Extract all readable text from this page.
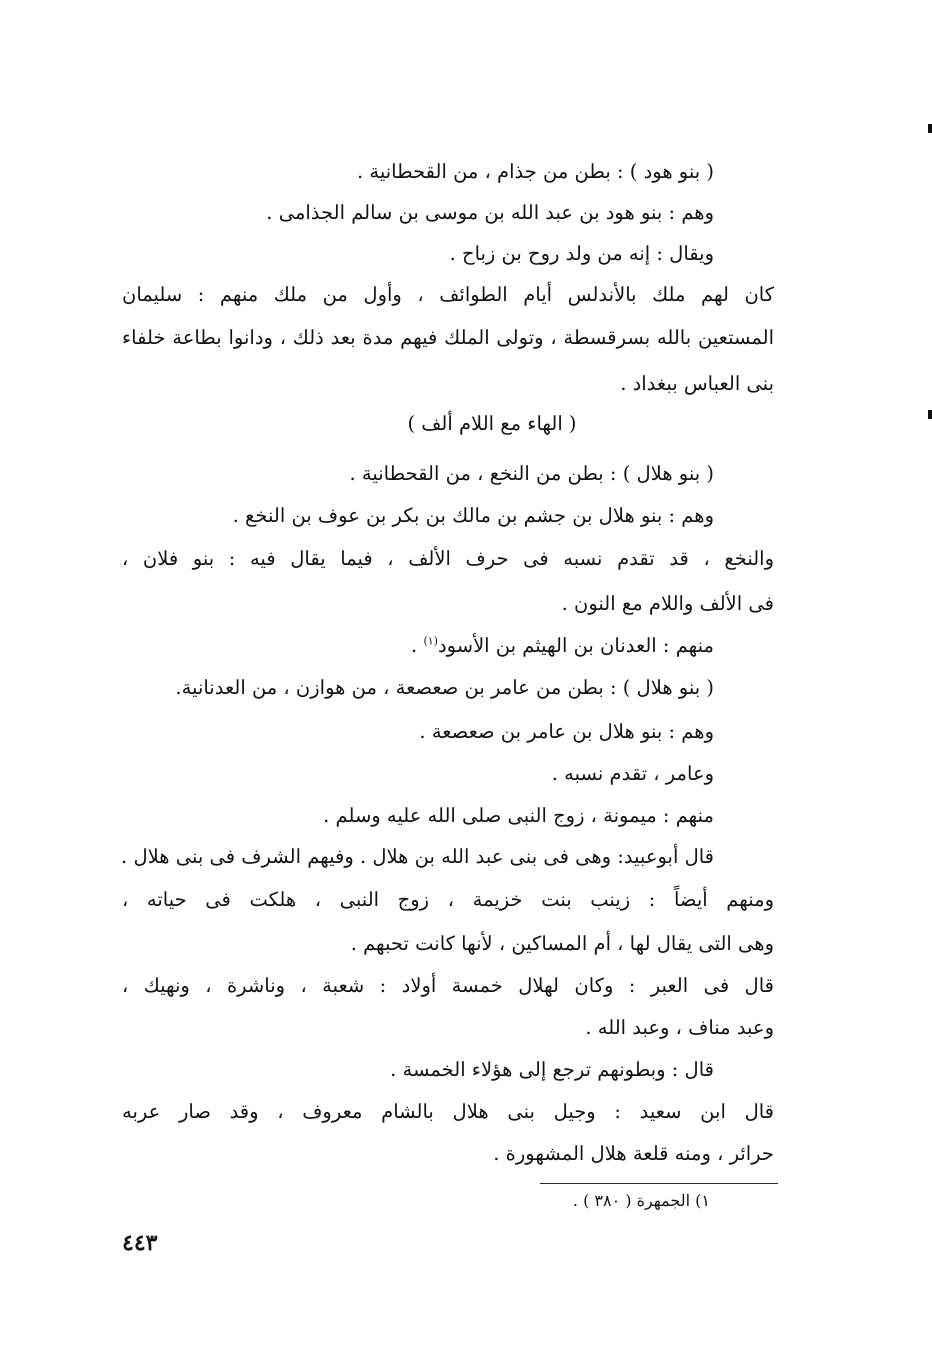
( بنو هود ) : بطن من جذام ، من القحطانية .
وهم : بنو هود بن عبد الله بن موسى بن سالم الجذامى .
ويقال : إنه من ولد روح بن زباح .
كان لهم ملك بالأندلس أيام الطوائف ، وأول من ملك منهم : سليمان
المستعين بالله بسرقسطة ، وتولى الملك فيهم مدة بعد ذلك ، ودانوا بطاعة خلفاء
بنى العباس ببغداد .
( الهاء مع اللام ألف )
( بنو هلال ) : بطن من النخع ، من القحطانية .
وهم : بنو هلال بن جشم بن مالك بن بكر بن عوف بن النخع .
والنخع ، قد تقدم نسبه فى حرف الألف ، فيما يقال فيه : بنو فلان ،
فى الألف واللام مع النون .
منهم : العدنان بن الهيثم بن الأسود$^{(١)}$ .
( بنو هلال ) : بطن من عامر بن صعصعة ، من هوازن ، من العدنانية.
وهم : بنو هلال بن عامر بن صعصعة .
وعامر ، تقدم نسبه .
منهم : ميمونة ، زوج النبى صلى الله عليه وسلم .
قال أبوعبيد: وهى فى بنى عبد الله بن هلال . وفيهم الشرف فى بنى هلال .
ومنهم أيضاً : زينب بنت خزيمة ، زوج النبى ، هلكت فى حياته ،
وهى التى يقال لها ، أم المساكين ، لأنها كانت تحبهم .
قال فى العبر : وكان لهلال خمسة أولاد : شعبة ، وناشرة ، ونهيك ،
وعبد مناف ، وعبد الله .
قال : وبطونهم ترجع إلى هؤلاء الخمسة .
قال ابن سعيد : وجيل بنى هلال بالشام معروف ، وقد صار عربه
حرائر ، ومنه قلعة هلال المشهورة .
١) الجمهرة ( ٣٨٠ ) .
٤٤٣
